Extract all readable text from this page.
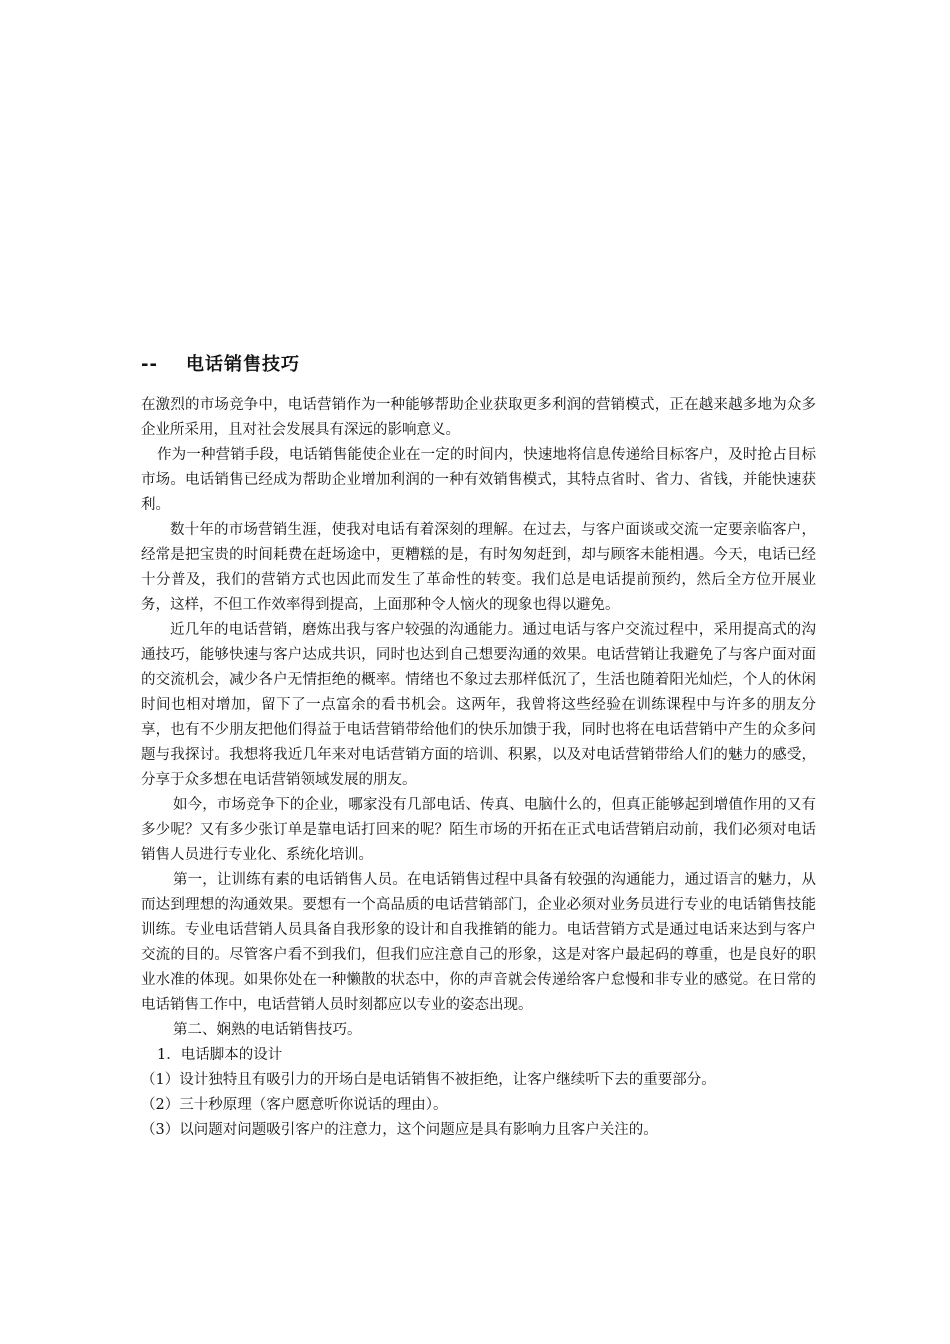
--	电话销售技巧

在激烈的市场竞争中，电话营销作为一种能够帮助企业获取更多利润的营销模式，正在越来越多地为众多企业所采用，且对社会发展具有深远的影响意义。

作为一种营销手段，电话销售能使企业在一定的时间内，快速地将信息传递给目标客户，及时抢占目标市场。电话销售已经成为帮助企业增加利润的一种有效销售模式，其特点省时、省力、省钱，并能快速获利。

数十年的市场营销生涯，使我对电话有着深刻的理解。在过去，与客户面谈或交流一定要亲临客户，经常是把宝贵的时间耗费在赶场途中，更糟糕的是，有时匆匆赶到，却与顾客未能相遇。今天，电话已经十分普及，我们的营销方式也因此而发生了革命性的转变。我们总是电话提前预约，然后全方位开展业务，这样，不但工作效率得到提高，上面那种令人恼火的现象也得以避免。

近几年的电话营销，磨炼出我与客户较强的沟通能力。通过电话与客户交流过程中，采用提高式的沟通技巧，能够快速与客户达成共识，同时也达到自己想要沟通的效果。电话营销让我避免了与客户面对面的交流机会，减少各户无情拒绝的概率。情绪也不象过去那样低沉了，生活也随着阳光灿烂，个人的休闲时间也相对增加，留下了一点富余的看书机会。这两年，我曾将这些经验在训练课程中与许多的朋友分享，也有不少朋友把他们得益于电话营销带给他们的快乐加馈于我，同时也将在电话营销中产生的众多问题与我探讨。我想将我近几年来对电话营销方面的培训、积累，以及对电话营销带给人们的魅力的感受，分享于众多想在电话营销领域发展的朋友。

如今，市场竞争下的企业，哪家没有几部电话、传真、电脑什么的，但真正能够起到增值作用的又有多少呢？又有多少张订单是靠电话打回来的呢？陌生市场的开拓在正式电话营销启动前，我们必须对电话销售人员进行专业化、系统化培训。

第一，让训练有素的电话销售人员。在电话销售过程中具备有较强的沟通能力，通过语言的魅力，从而达到理想的沟通效果。要想有一个高品质的电话营销部门，企业必须对业务员进行专业的电话销售技能训练。专业电话营销人员具备自我形象的设计和自我推销的能力。电话营销方式是通过电话来达到与客户交流的目的。尽管客户看不到我们，但我们应注意自己的形象，这是对客户最起码的尊重，也是良好的职业水准的体现。如果你处在一种懒散的状态中，你的声音就会传递给客户怠慢和非专业的感觉。在日常的电话销售工作中，电话营销人员时刻都应以专业的姿态出现。

第二、娴熟的电话销售技巧。

1．电话脚本的设计

（1）设计独特且有吸引力的开场白是电话销售不被拒绝，让客户继续听下去的重要部分。

（2）三十秒原理（客户愿意听你说话的理由）。

（3）以问题对问题吸引客户的注意力，这个问题应是具有影响力且客户关注的。
